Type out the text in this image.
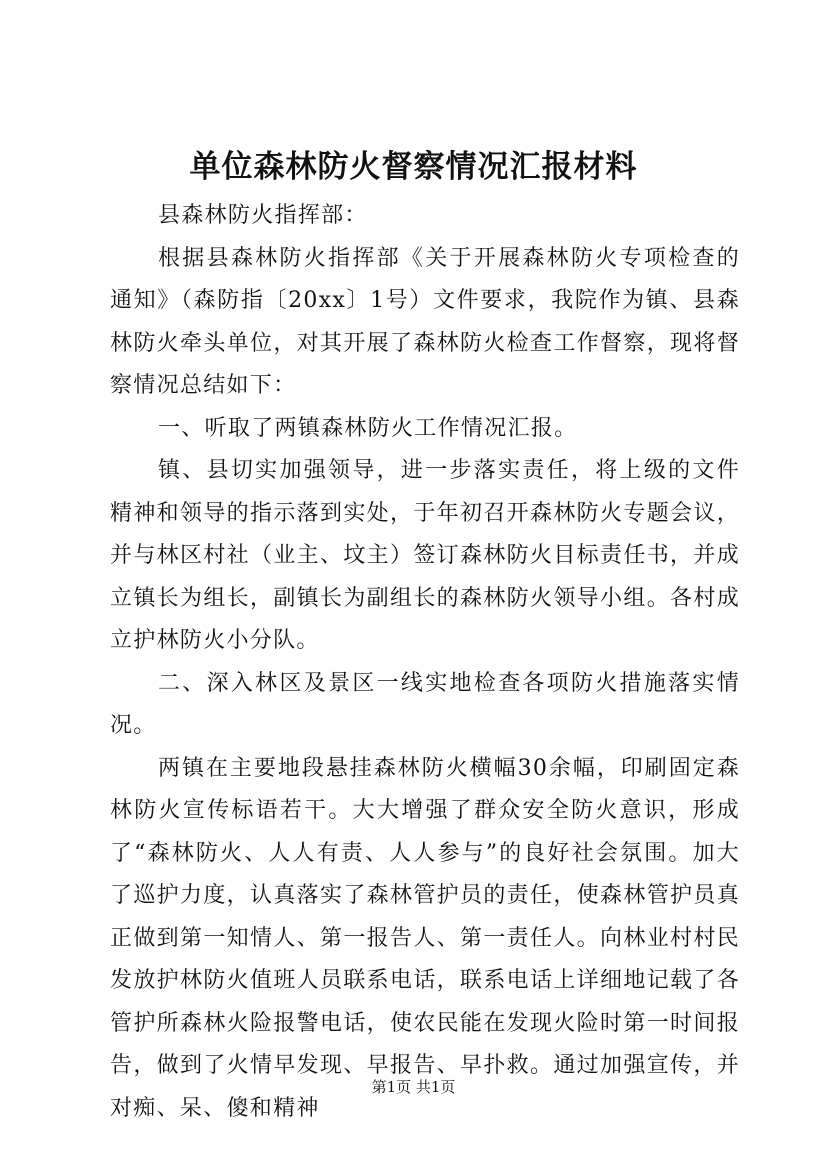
单位森林防火督察情况汇报材料

县森林防火指挥部：

根据县森林防火指挥部《关于开展森林防火专项检查的通知》（森防指〔20xx〕1号）文件要求，我院作为镇、县森林防火牵头单位，对其开展了森林防火检查工作督察，现将督察情况总结如下：

一、听取了两镇森林防火工作情况汇报。

镇、县切实加强领导，进一步落实责任，将上级的文件精神和领导的指示落到实处，于年初召开森林防火专题会议，并与林区村社（业主、坟主）签订森林防火目标责任书，并成立镇长为组长，副镇长为副组长的森林防火领导小组。各村成立护林防火小分队。

二、深入林区及景区一线实地检查各项防火措施落实情况。

两镇在主要地段悬挂森林防火横幅30余幅，印刷固定森林防火宣传标语若干。大大增强了群众安全防火意识，形成了“森林防火、人人有责、人人参与”的良好社会氛围。加大了巡护力度，认真落实了森林管护员的责任，使森林管护员真正做到第一知情人、第一报告人、第一责任人。向林业村村民发放护林防火值班人员联系电话，联系电话上详细地记载了各管护所森林火险报警电话，使农民能在发现火险时第一时间报告，做到了火情早发现、早报告、早扑救。通过加强宣传，并对痴、呆、傻和精神

第1页 共1页
